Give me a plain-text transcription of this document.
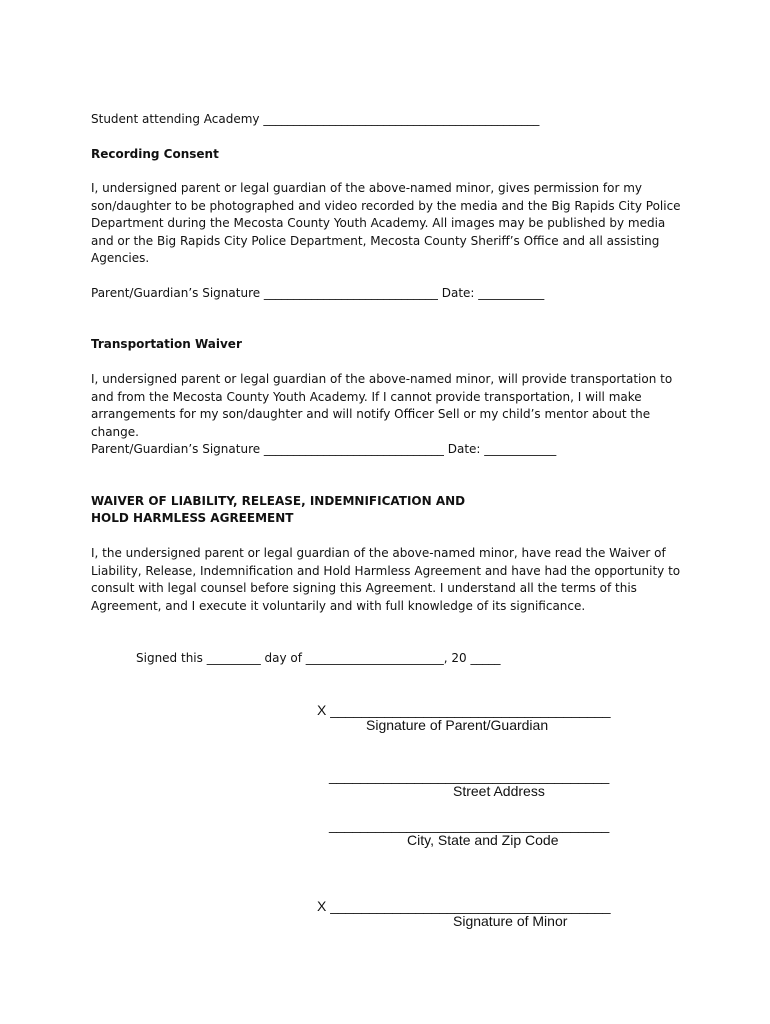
Student attending Academy ______________________________________________
Recording Consent
I, undersigned parent or legal guardian of the above-named minor, gives permission for my son/daughter to be photographed and video recorded by the media and the Big Rapids City Police Department during the Mecosta County Youth Academy. All images may be published by media and or the Big Rapids City Police Department, Mecosta County Sheriff’s Office and all assisting Agencies.
Parent/Guardian’s Signature _____________________________ Date: ___________
Transportation Waiver
I, undersigned parent or legal guardian of the above-named minor, will provide transportation to and from the Mecosta County Youth Academy. If I cannot provide transportation, I will make arrangements for my son/daughter and will notify Officer Sell or my child’s mentor about the change.
Parent/Guardian’s Signature ______________________________ Date: ____________
WAIVER OF LIABILITY, RELEASE, INDEMNIFICATION AND
HOLD HARMLESS AGREEMENT
I, the undersigned parent or legal guardian of the above-named minor, have read the Waiver of Liability, Release, Indemnification and Hold Harmless Agreement and have had the opportunity to consult with legal counsel before signing this Agreement. I understand all the terms of this Agreement, and I execute it voluntarily and with full knowledge of its significance.
Signed this _________ day of _______________________, 20 _____
X ____________________________________
Signature of Parent/Guardian
____________________________________
Street Address
____________________________________
City, State and Zip Code
X ____________________________________
Signature of Minor
